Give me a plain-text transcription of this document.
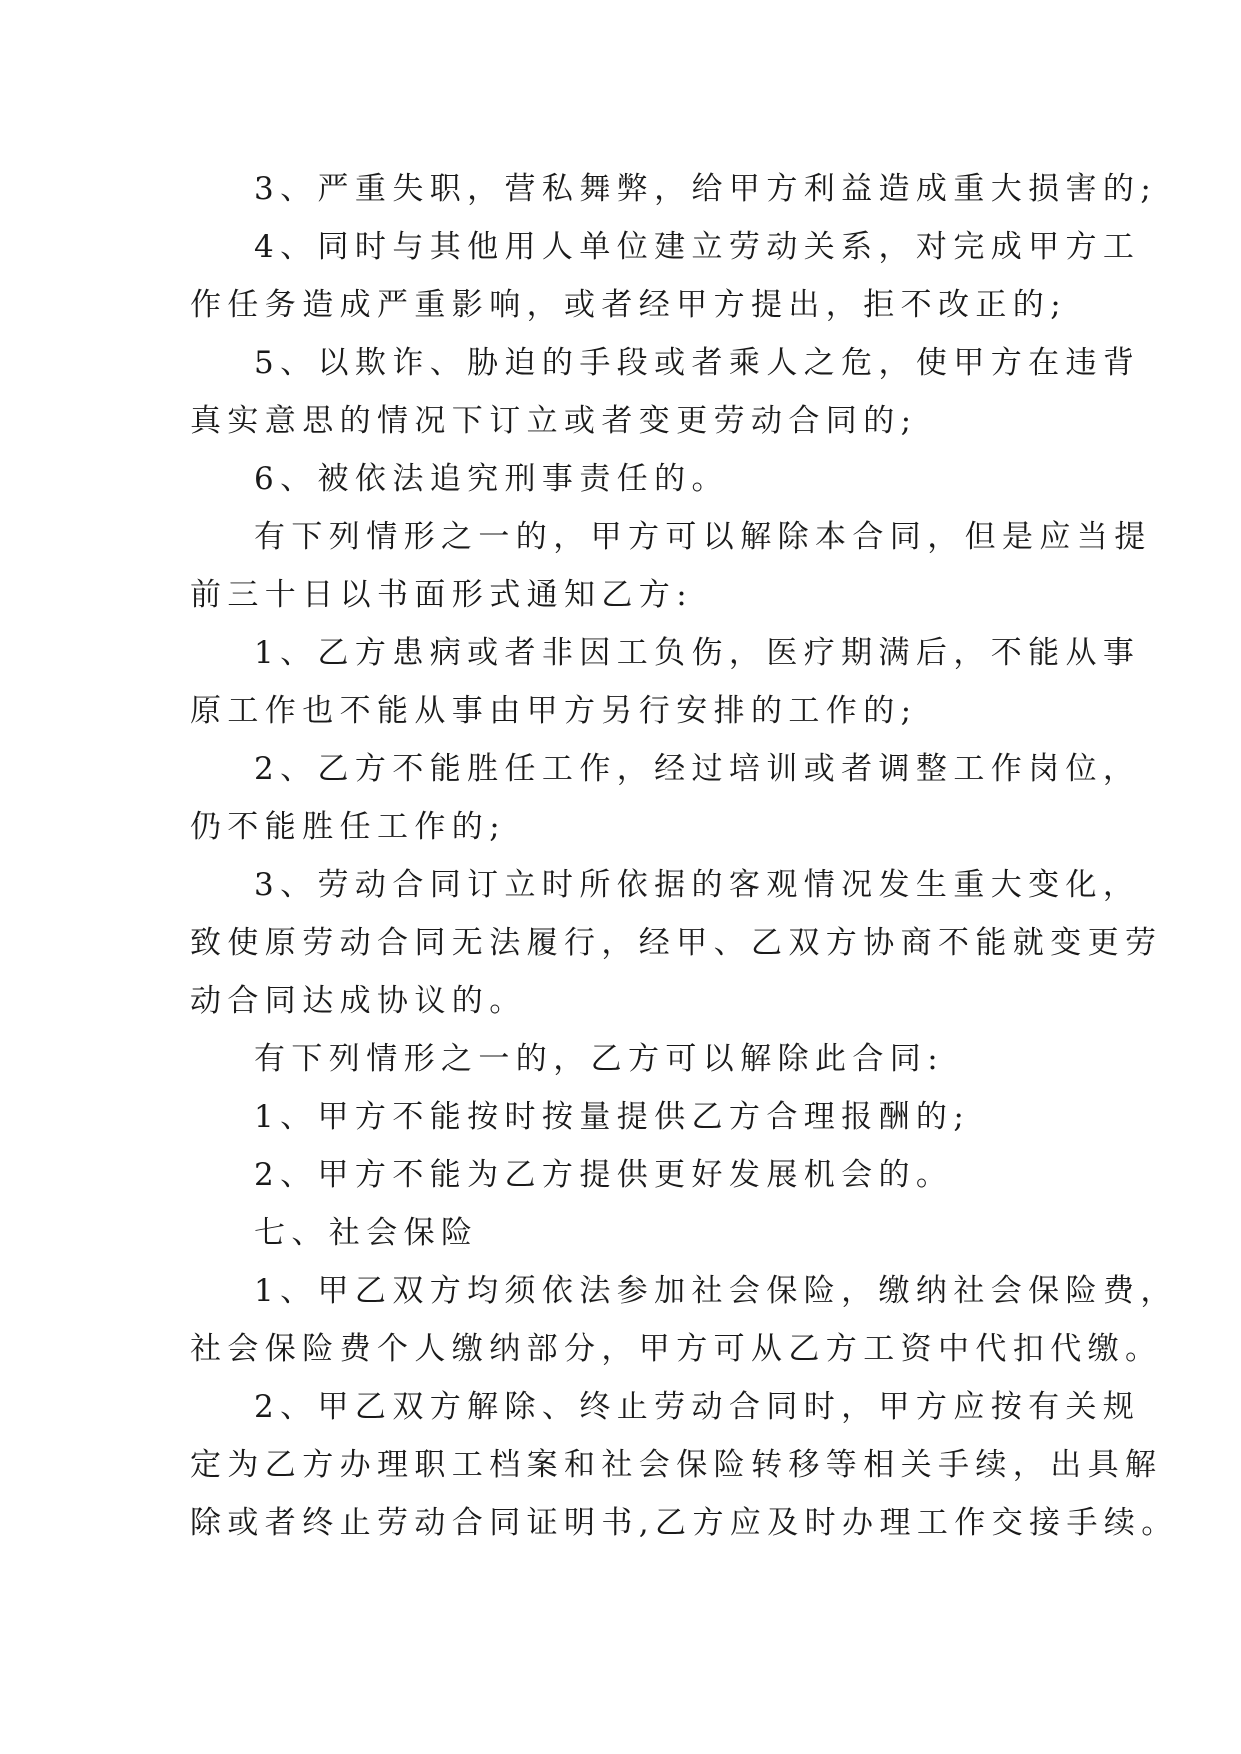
3、严重失职，营私舞弊，给甲方利益造成重大损害的;
4、同时与其他用人单位建立劳动关系，对完成甲方工
作任务造成严重影响，或者经甲方提出，拒不改正的;
5、以欺诈、胁迫的手段或者乘人之危，使甲方在违背
真实意思的情况下订立或者变更劳动合同的;
6、被依法追究刑事责任的。
有下列情形之一的，甲方可以解除本合同，但是应当提
前三十日以书面形式通知乙方:
1、乙方患病或者非因工负伤，医疗期满后，不能从事
原工作也不能从事由甲方另行安排的工作的;
2、乙方不能胜任工作，经过培训或者调整工作岗位，
仍不能胜任工作的;
3、劳动合同订立时所依据的客观情况发生重大变化，
致使原劳动合同无法履行，经甲、乙双方协商不能就变更劳
动合同达成协议的。
有下列情形之一的，乙方可以解除此合同:
1、甲方不能按时按量提供乙方合理报酬的;
2、甲方不能为乙方提供更好发展机会的。
七、社会保险
1、甲乙双方均须依法参加社会保险，缴纳社会保险费，
社会保险费个人缴纳部分，甲方可从乙方工资中代扣代缴。
2、甲乙双方解除、终止劳动合同时，甲方应按有关规
定为乙方办理职工档案和社会保险转移等相关手续，出具解
除或者终止劳动合同证明书,乙方应及时办理工作交接手续。
